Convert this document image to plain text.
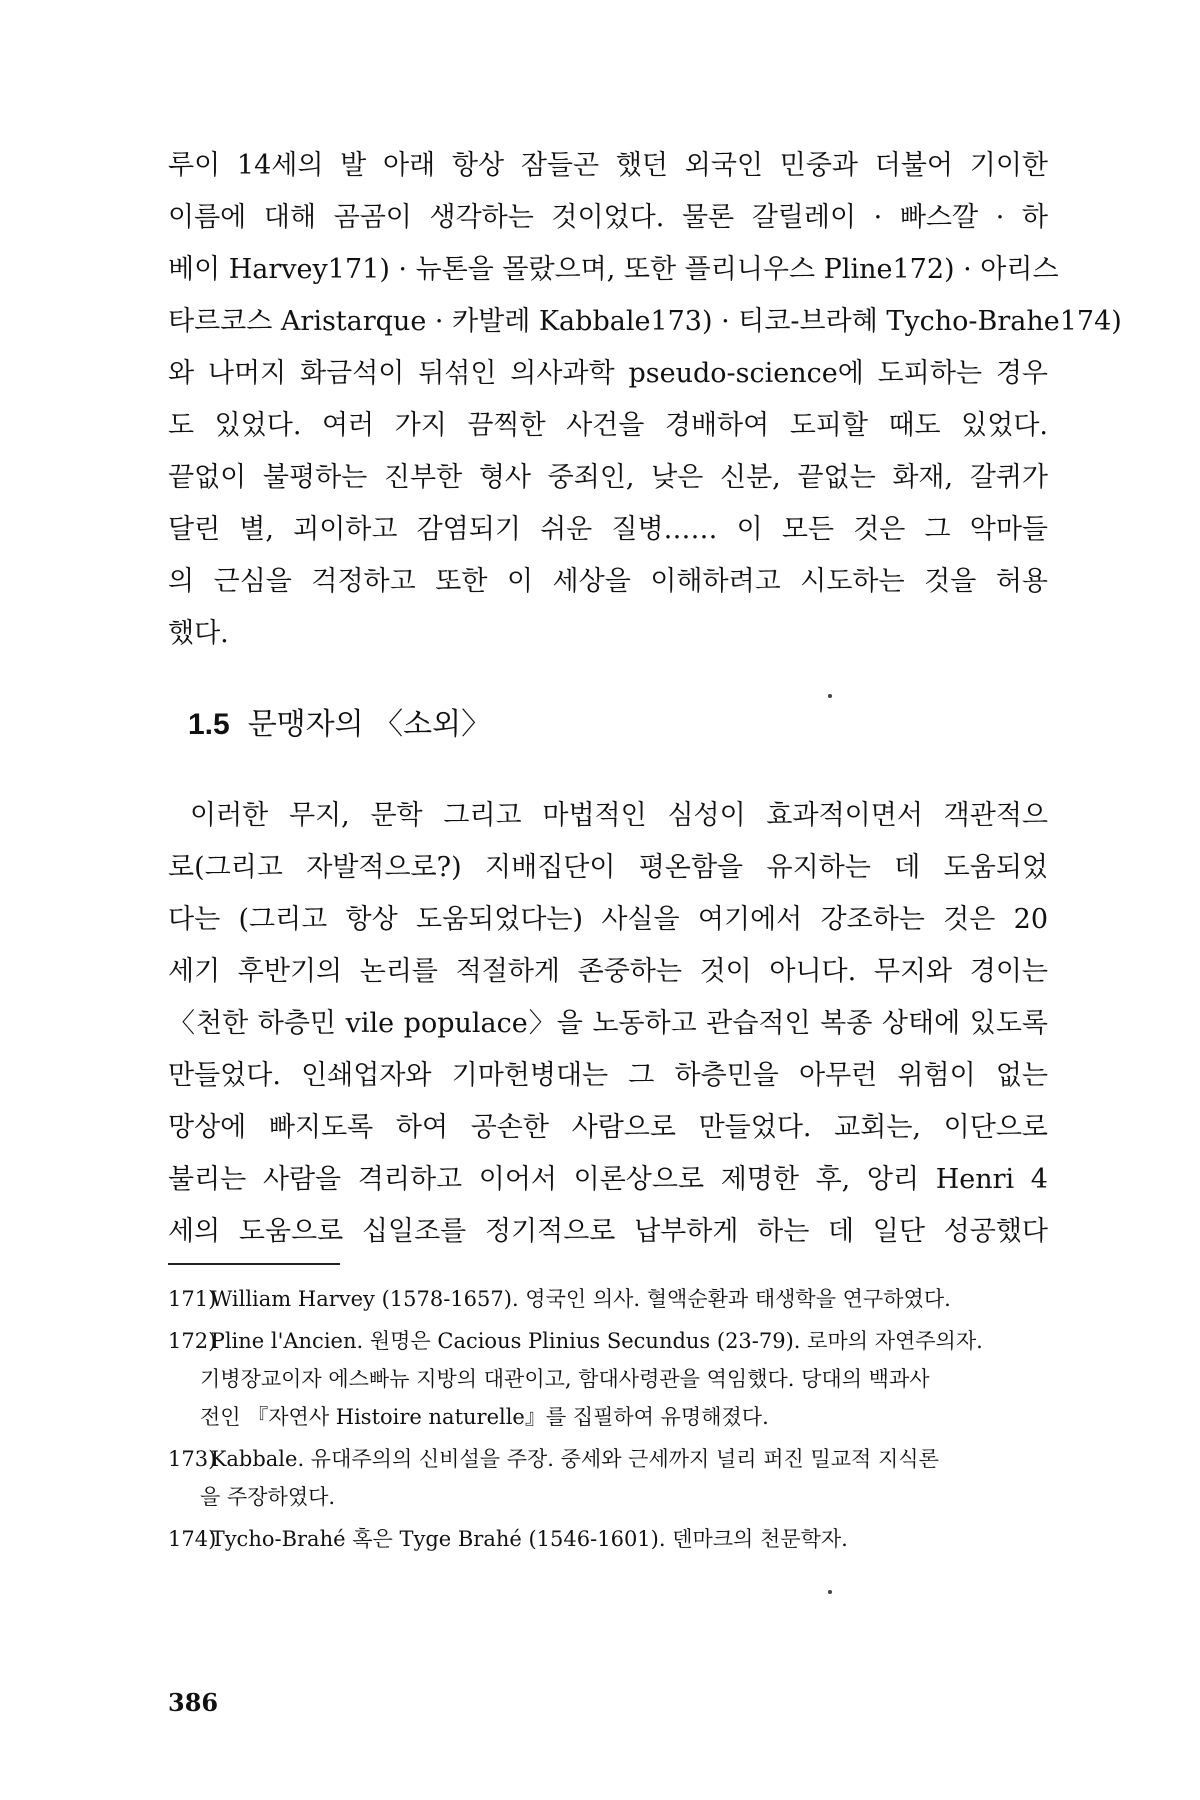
루이 14세의 발 아래 항상 잠들곤 했던 외국인 민중과 더불어 기이한
이름에 대해 곰곰이 생각하는 것이었다. 물론 갈릴레이 · 빠스깔 · 하
베이 Harvey171) · 뉴톤을 몰랐으며, 또한 플리니우스 Pline172) · 아리스
타르코스 Aristarque · 카발레 Kabbale173) · 티코-브라혜 Tycho-Brahe174)
와 나머지 화금석이 뒤섞인 의사과학 pseudo-science에 도피하는 경우
도 있었다. 여러 가지 끔찍한 사건을 경배하여 도피할 때도 있었다.
끝없이 불평하는 진부한 형사 중죄인, 낮은 신분, 끝없는 화재, 갈퀴가
달린 별, 괴이하고 감염되기 쉬운 질병…… 이 모든 것은 그 악마들
의 근심을 걱정하고 또한 이 세상을 이해하려고 시도하는 것을 허용
했다.
1.5 문맹자의 〈소외〉
이러한 무지, 문학 그리고 마법적인 심성이 효과적이면서 객관적으
로(그리고 자발적으로?) 지배집단이 평온함을 유지하는 데 도움되었
다는 (그리고 항상 도움되었다는) 사실을 여기에서 강조하는 것은 20
세기 후반기의 논리를 적절하게 존중하는 것이 아니다. 무지와 경이는
〈천한 하층민 vile populace〉을 노동하고 관습적인 복종 상태에 있도록
만들었다. 인쇄업자와 기마헌병대는 그 하층민을 아무런 위험이 없는
망상에 빠지도록 하여 공손한 사람으로 만들었다. 교회는, 이단으로
불리는 사람을 격리하고 이어서 이론상으로 제명한 후, 앙리 Henri 4
세의 도움으로 십일조를 정기적으로 납부하게 하는 데 일단 성공했다
171) William Harvey (1578-1657). 영국인 의사. 혈액순환과 태생학을 연구하였다.
172) Pline l'Ancien. 원명은 Cacious Plinius Secundus (23-79). 로마의 자연주의자.
기병장교이자 에스빠뉴 지방의 대관이고, 함대사령관을 역임했다. 당대의 백과사
전인 『자연사 Histoire naturelle』를 집필하여 유명해졌다.
173) Kabbale. 유대주의의 신비설을 주장. 중세와 근세까지 널리 퍼진 밀교적 지식론
을 주장하였다.
174) Tycho-Brahé 혹은 Tyge Brahé (1546-1601). 덴마크의 천문학자.
386
